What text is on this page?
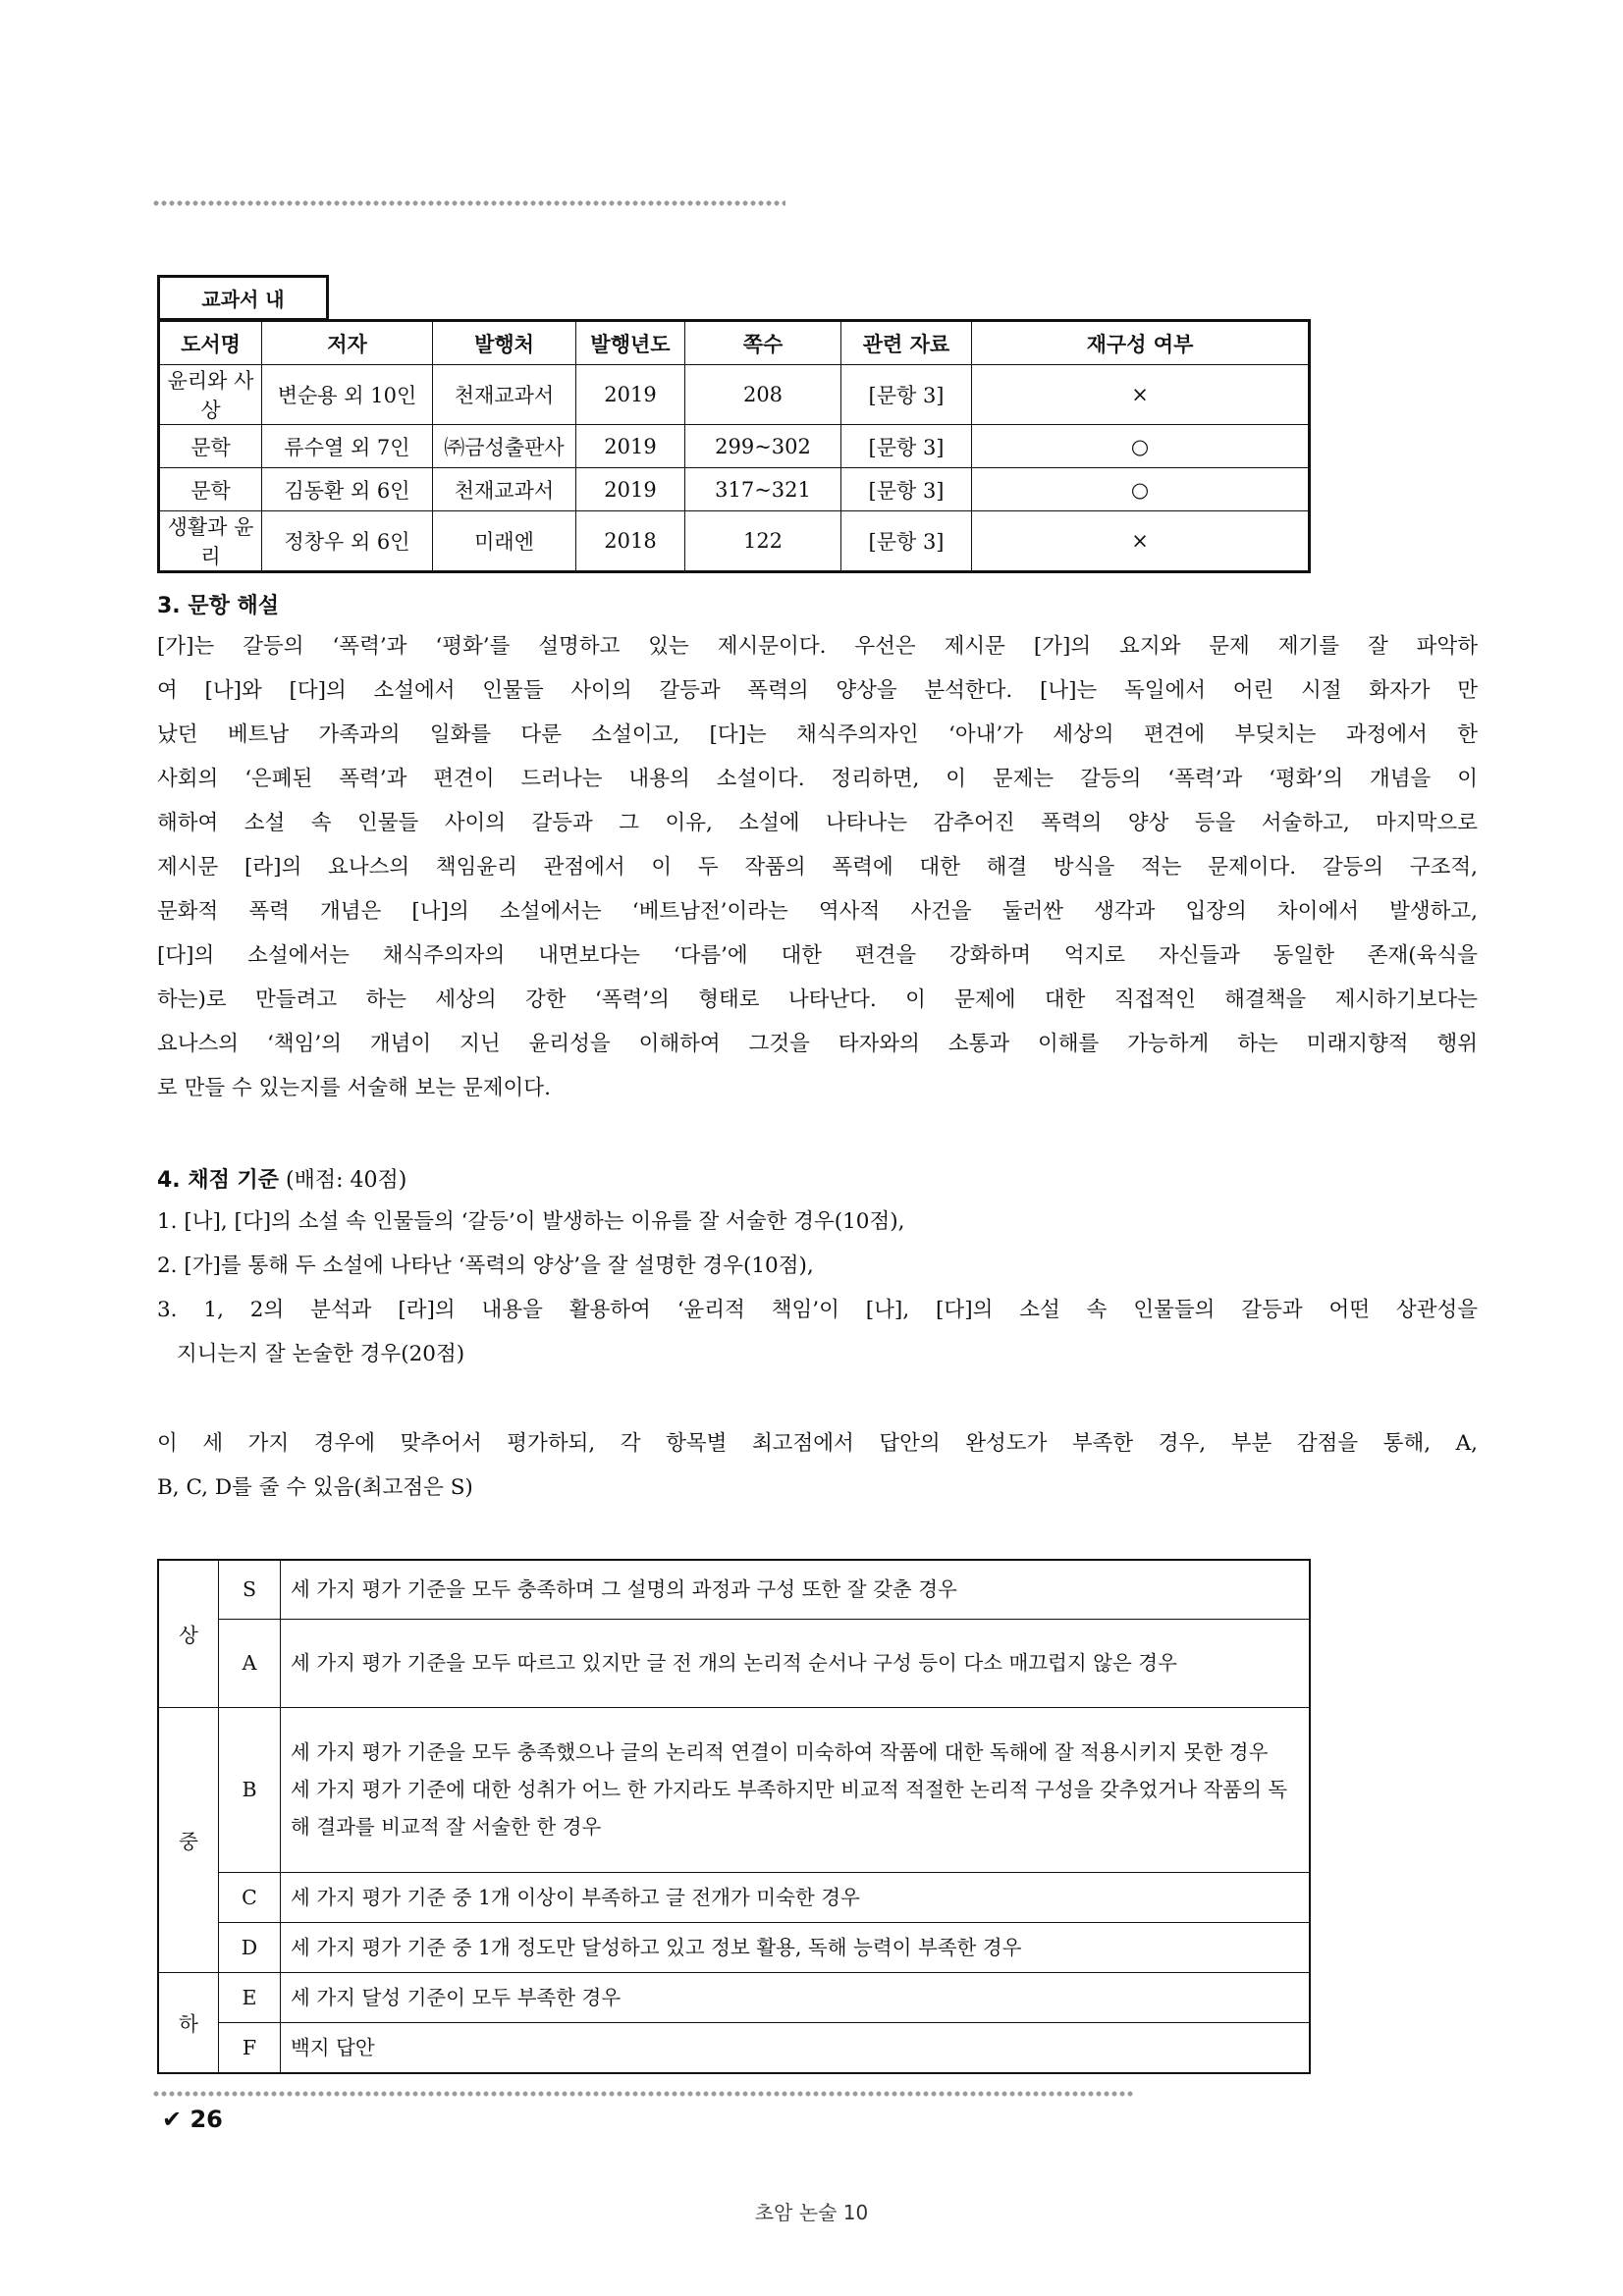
교과서 내
도서명	저자	발행처	발행년도	쪽수	관련 자료	재구성 여부
윤리와 사상	변순용 외 10인	천재교과서	2019	208	[문항 3]	×
문학	류수열 외 7인	㈜금성출판사	2019	299~302	[문항 3]	○
문학	김동환 외 6인	천재교과서	2019	317~321	[문항 3]	○
생활과 윤리	정창우 외 6인	미래엔	2018	122	[문항 3]	×
3. 문항 해설
[가]는 갈등의 ‘폭력’과 ‘평화’를 설명하고 있는 제시문이다. 우선은 제시문 [가]의 요지와 문제 제기를 잘 파악하
여 [나]와 [다]의 소설에서 인물들 사이의 갈등과 폭력의 양상을 분석한다. [나]는 독일에서 어린 시절 화자가 만
났던 베트남 가족과의 일화를 다룬 소설이고, [다]는 채식주의자인 ‘아내’가 세상의 편견에 부딪치는 과정에서 한
사회의 ‘은폐된 폭력’과 편견이 드러나는 내용의 소설이다. 정리하면, 이 문제는 갈등의 ‘폭력’과 ‘평화’의 개념을 이
해하여 소설 속 인물들 사이의 갈등과 그 이유, 소설에 나타나는 감추어진 폭력의 양상 등을 서술하고, 마지막으로
제시문 [라]의 요나스의 책임윤리 관점에서 이 두 작품의 폭력에 대한 해결 방식을 적는 문제이다. 갈등의 구조적,
문화적 폭력 개념은 [나]의 소설에서는 ‘베트남전’이라는 역사적 사건을 둘러싼 생각과 입장의 차이에서 발생하고,
[다]의 소설에서는 채식주의자의 내면보다는 ‘다름’에 대한 편견을 강화하며 억지로 자신들과 동일한 존재(육식을
하는)로 만들려고 하는 세상의 강한 ‘폭력’의 형태로 나타난다. 이 문제에 대한 직접적인 해결책을 제시하기보다는
요나스의 ‘책임’의 개념이 지닌 윤리성을 이해하여 그것을 타자와의 소통과 이해를 가능하게 하는 미래지향적 행위
로 만들 수 있는지를 서술해 보는 문제이다.
4. 채점 기준 (배점: 40점)
1. [나], [다]의 소설 속 인물들의 ‘갈등’이 발생하는 이유를 잘 서술한 경우(10점),
2. [가]를 통해 두 소설에 나타난 ‘폭력의 양상’을 잘 설명한 경우(10점),
3. 1, 2의 분석과 [라]의 내용을 활용하여 ‘윤리적 책임’이 [나], [다]의 소설 속 인물들의 갈등과 어떤 상관성을
지니는지 잘 논술한 경우(20점)
이 세 가지 경우에 맞추어서 평가하되, 각 항목별 최고점에서 답안의 완성도가 부족한 경우, 부분 감점을 통해, A,
B, C, D를 줄 수 있음(최고점은 S)
상	S	세 가지 평가 기준을 모두 충족하며 그 설명의 과정과 구성 또한 잘 갖춘 경우
	A	세 가지 평가 기준을 모두 따르고 있지만 글 전 개의 논리적 순서나 구성 등이 다소 매끄럽지 않은 경우
중	B	세 가지 평가 기준을 모두 충족했으나 글의 논리적 연결이 미숙하여 작품에 대한 독해에 잘 적용시키지 못한 경우
세 가지 평가 기준에 대한 성취가 어느 한 가지라도 부족하지만 비교적 적절한 논리적 구성을 갖추었거나 작품의 독해 결과를 비교적 잘 서술한 한 경우

	C	세 가지 평가 기준 중 1개 이상이 부족하고 글 전개가 미숙한 경우
	D	세 가지 평가 기준 중 1개 정도만 달성하고 있고 정보 활용, 독해 능력이 부족한 경우
하	E	세 가지 달성 기준이 모두 부족한 경우
	F	백지 답안
✔ 26
초암 논술 10
